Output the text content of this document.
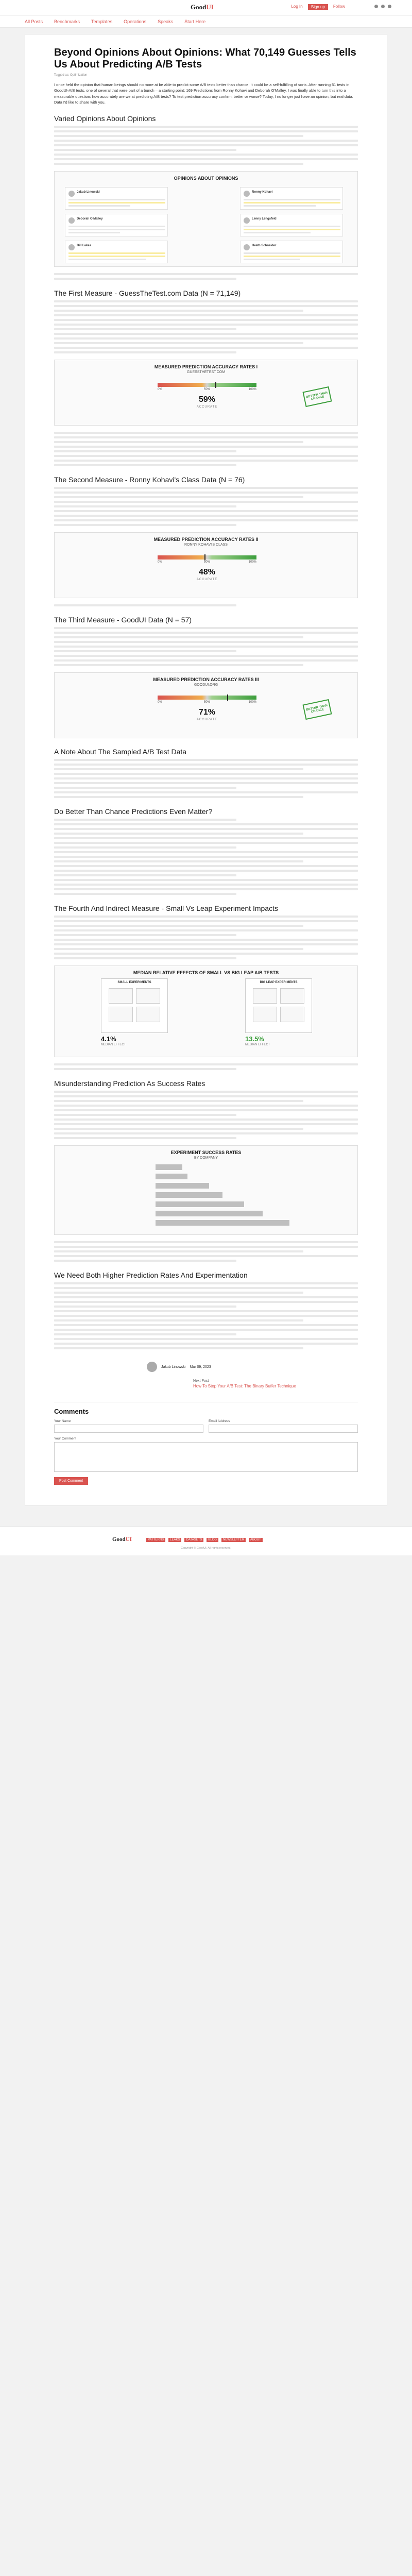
GoodUI	Log In	Sign up	Follow
All Posts Benchmarks Templates Operations Speaks Start Here
Beyond Opinions About Opinions: What 70,149 Guesses Tells Us About Predicting A/B Tests
Tagged as: Optimization

I once held the opinion that human beings should no more at be able to predict some A/B tests better than chance. It could be a self-fulfilling of sorts. After running 51 tests in GoodUI-A/B tests, one of several that were part of a bunch – a starting point: 169 Predictions from Ronny Kohavi and Deborah O'Malley. I was finally able to turn this into a measurable question: how accurately are we at predicting A/B tests? To test prediction accuracy confirm, better or worse? Today, I no longer just have an opinion, but real data. Data I'd like to share with you.

Varied Opinions About Opinions
OPINIONS ABOUT OPINIONS
Jakub Linowski	Ronny Kohavi
Deborah O'Malley	Lenny Lengsfeld
Bill Lakes	Heath Schneider
The First Measure - GuessTheTest.com Data (N = 71,149)
MEASURED PREDICTION ACCURACY RATES I
GUESSTHETEST.COM
0%	50%	100%
59%
ACCURATE
BETTER THAN CHANCE
The Second Measure - Ronny Kohavi's Class Data (N = 76)
MEASURED PREDICTION ACCURACY RATES II
RONNY KOHAVI'S CLASS
0%	50%	100%
48%
ACCURATE
The Third Measure - GoodUI Data (N = 57)
MEASURED PREDICTION ACCURACY RATES III
GOODUI.ORG
0%	50%	100%
71%
ACCURATE
BETTER THAN CHANCE
A Note About The Sampled A/B Test Data
Do Better Than Chance Predictions Even Matter?
The Fourth And Indirect Measure - Small Vs Leap Experiment Impacts
MEDIAN RELATIVE EFFECTS OF SMALL VS BIG LEAP A/B TESTS
SMALL EXPERIMENTS	BIG LEAP EXPERIMENTS
4.1%
MEDIAN EFFECT
13.5%
MEDIAN EFFECT
Misunderstanding Prediction As Success Rates
EXPERIMENT SUCCESS RATES
BY COMPANY
We Need Both Higher Prediction Rates And Experimentation
Jakub Linowski Mar 09, 2023
Next Post
How To Stop Your A/B Test: The Binary Buffer Technique
Comments
Your Name	Email Address
Your Comment
Post Comment
GoodUI	PATTERNS	LEAKS	DATASETS	BLOG	NEWSLETTER	ABOUT
Copyright © GoodUI. All rights reserved.
